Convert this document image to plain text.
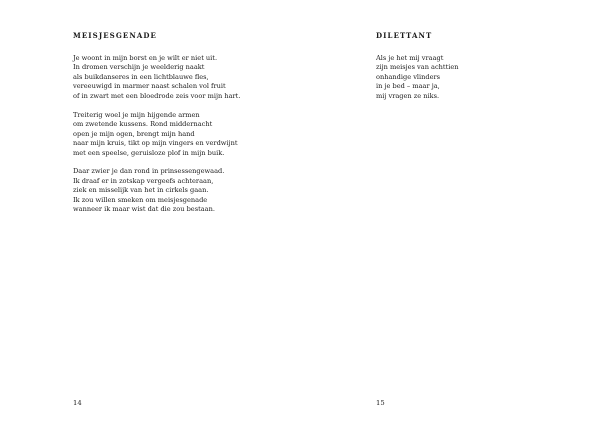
MEISJESGENADE

Je woont in mijn borst en je wilt er niet uit.
In dromen verschijn je weelderig naakt
als buikdanseres in een lichtblauwe fles,
vereeuwigd in marmer naast schalen vol fruit
of in zwart met een bloedrode zeis voor mijn hart.

Treiterig woel je mijn hijgende armen
om zwetende kussens. Rond middernacht
open je mijn ogen, brengt mijn hand
naar mijn kruis, tikt op mijn vingers en verdwijnt
met een speelse, geruisloze plof in mijn buik.

Daar zwier je dan rond in prinsessengewaad.
Ik draaf er in zotskap vergeefs achteraan,
ziek en misselijk van het in cirkels gaan.
Ik zou willen smeken om meisjesgenade
wanneer ik maar wist dat die zou bestaan.

14
DILETTANT

Als je het mij vraagt
zijn meisjes van achttien
onhandige vlinders
in je bed – maar ja,
mij vragen ze niks.

15
